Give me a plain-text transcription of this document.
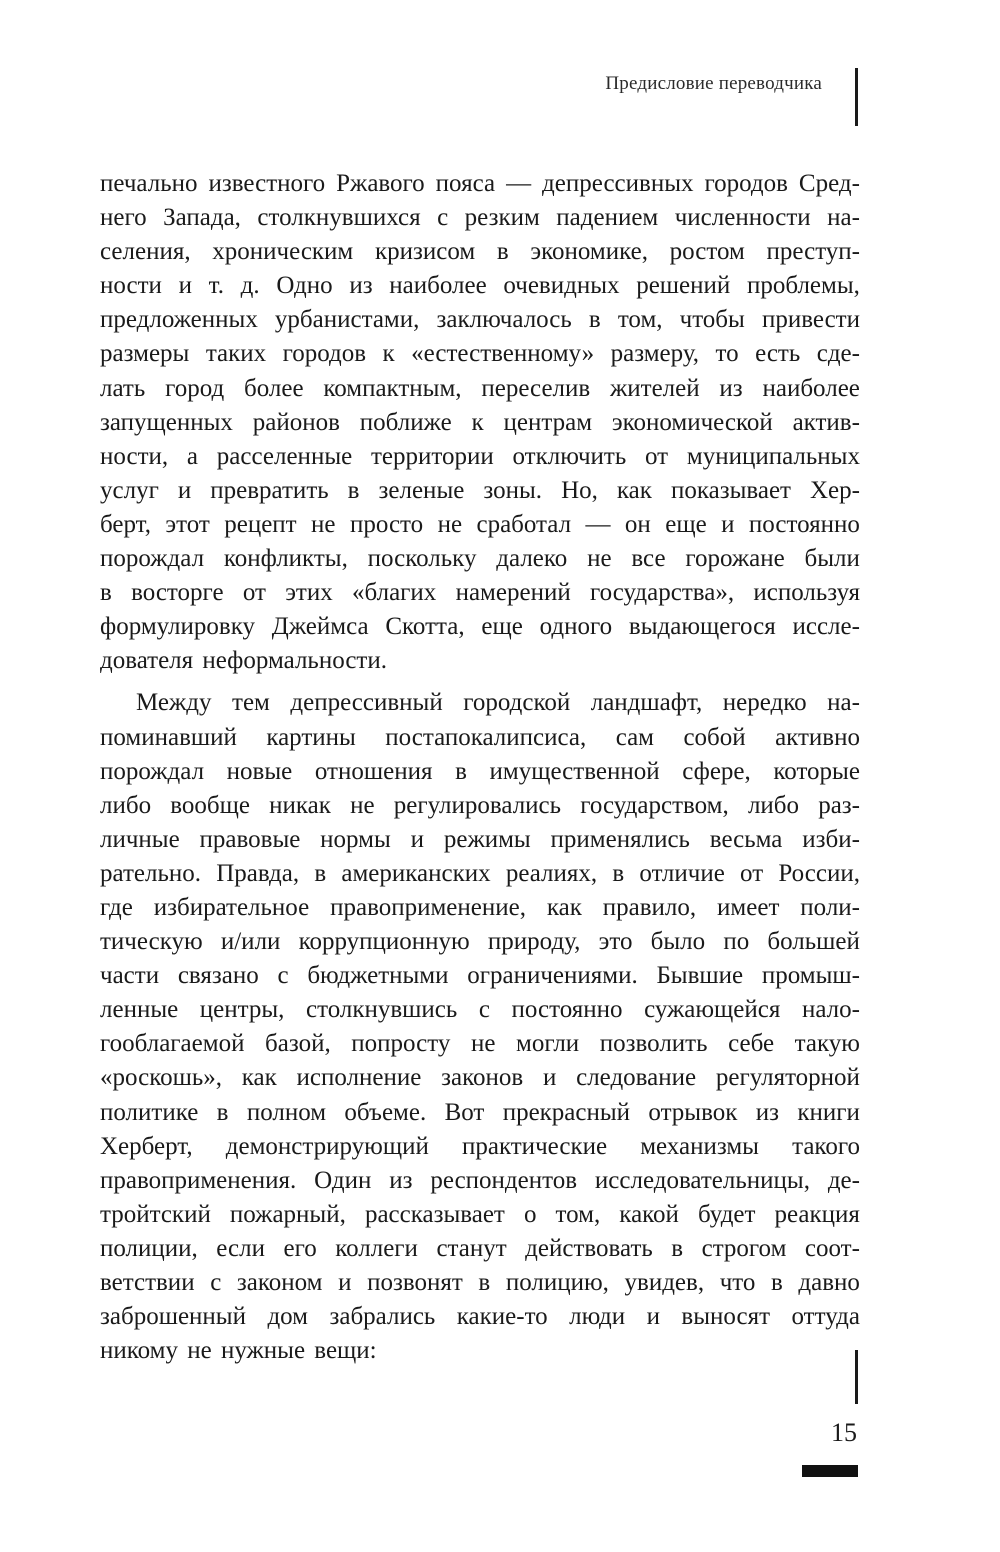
Предисловие переводчика
печально известного Ржавого пояса — депрессивных городов Сред-
него Запада, столкнувшихся с резким падением численности на-
селения, хроническим кризисом в экономике, ростом преступ-
ности и т. д. Одно из наиболее очевидных решений проблемы,
предложенных урбанистами, заключалось в том, чтобы привести
размеры таких городов к «естественному» размеру, то есть сде-
лать город более компактным, переселив жителей из наиболее
запущенных районов поближе к центрам экономической актив-
ности, а расселенные территории отключить от муниципальных
услуг и превратить в зеленые зоны. Но, как показывает Хер-
берт, этот рецепт не просто не сработал — он еще и постоянно
порождал конфликты, поскольку далеко не все горожане были
в восторге от этих «благих намерений государства», используя
формулировку Джеймса Скотта, еще одного выдающегося иссле-
дователя неформальности.
Между тем депрессивный городской ландшафт, нередко на-
поминавший картины постапокалипсиса, сам собой активно
порождал новые отношения в имущественной сфере, которые
либо вообще никак не регулировались государством, либо раз-
личные правовые нормы и режимы применялись весьма изби-
рательно. Правда, в американских реалиях, в отличие от России,
где избирательное правоприменение, как правило, имеет поли-
тическую и/или коррупционную природу, это было по большей
части связано с бюджетными ограничениями. Бывшие промыш-
ленные центры, столкнувшись с постоянно сужающейся нало-
гооблагаемой базой, попросту не могли позволить себе такую
«роскошь», как исполнение законов и следование регуляторной
политике в полном объеме. Вот прекрасный отрывок из книги
Херберт, демонстрирующий практические механизмы такого
правоприменения. Один из респондентов исследовательницы, де-
тройтский пожарный, рассказывает о том, какой будет реакция
полиции, если его коллеги станут действовать в строгом соот-
ветствии с законом и позвонят в полицию, увидев, что в давно
заброшенный дом забрались какие-то люди и выносят оттуда
никому не нужные вещи:
15
